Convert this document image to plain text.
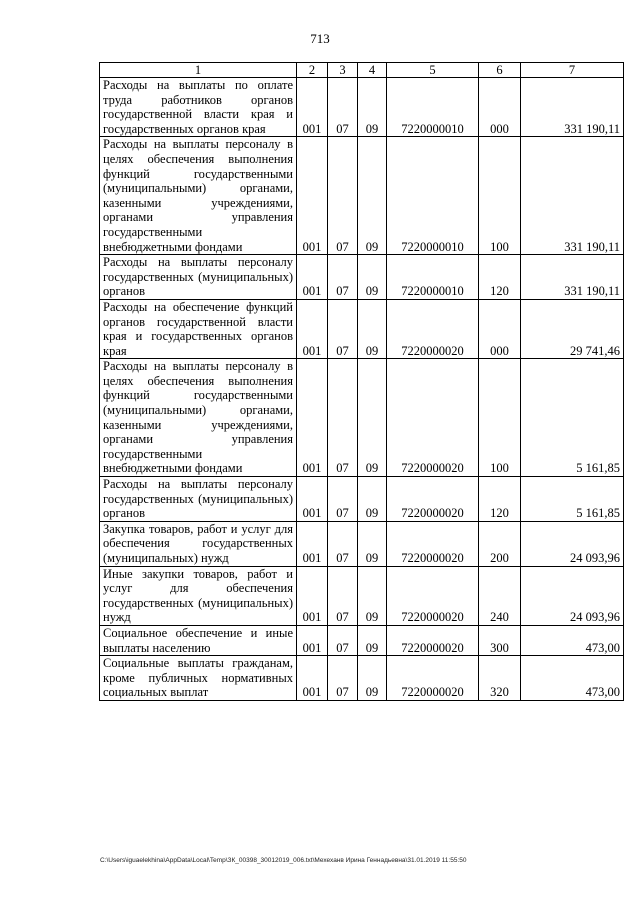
713
1	2	3	4	5	6	7
Расходы на выплаты по оплате труда работников органов государственной власти края и государственных органов края	001	07	09	7220000010	000	331 190,11
Расходы на выплаты персоналу в целях обеспечения выполнения функций государственными (муниципальными) органами, казенными учреждениями, органами управления государственными внебюджетными фондами	001	07	09	7220000010	100	331 190,11
Расходы на выплаты персоналу государственных (муниципальных) органов	001	07	09	7220000010	120	331 190,11
Расходы на обеспечение функций органов государственной власти края и государственных органов края	001	07	09	7220000020	000	29 741,46
Расходы на выплаты персоналу в целях обеспечения выполнения функций государственными (муниципальными) органами, казенными учреждениями, органами управления государственными внебюджетными фондами	001	07	09	7220000020	100	5 161,85
Расходы на выплаты персоналу государственных (муниципальных) органов	001	07	09	7220000020	120	5 161,85
Закупка товаров, работ и услуг для обеспечения государственных (муниципальных) нужд	001	07	09	7220000020	200	24 093,96
Иные закупки товаров, работ и услуг для обеспечения государственных (муниципальных) нужд	001	07	09	7220000020	240	24 093,96
Социальное обеспечение и иные выплаты населению	001	07	09	7220000020	300	473,00
Социальные выплаты гражданам, кроме публичных нормативных социальных выплат	001	07	09	7220000020	320	473,00
C:\Users\iguaelekhina\AppData\Local\Temp\ЗК_00398_30012019_006.txt\Мехеханв Ирина Геннадьевна\31.01.2019 11:55:50
